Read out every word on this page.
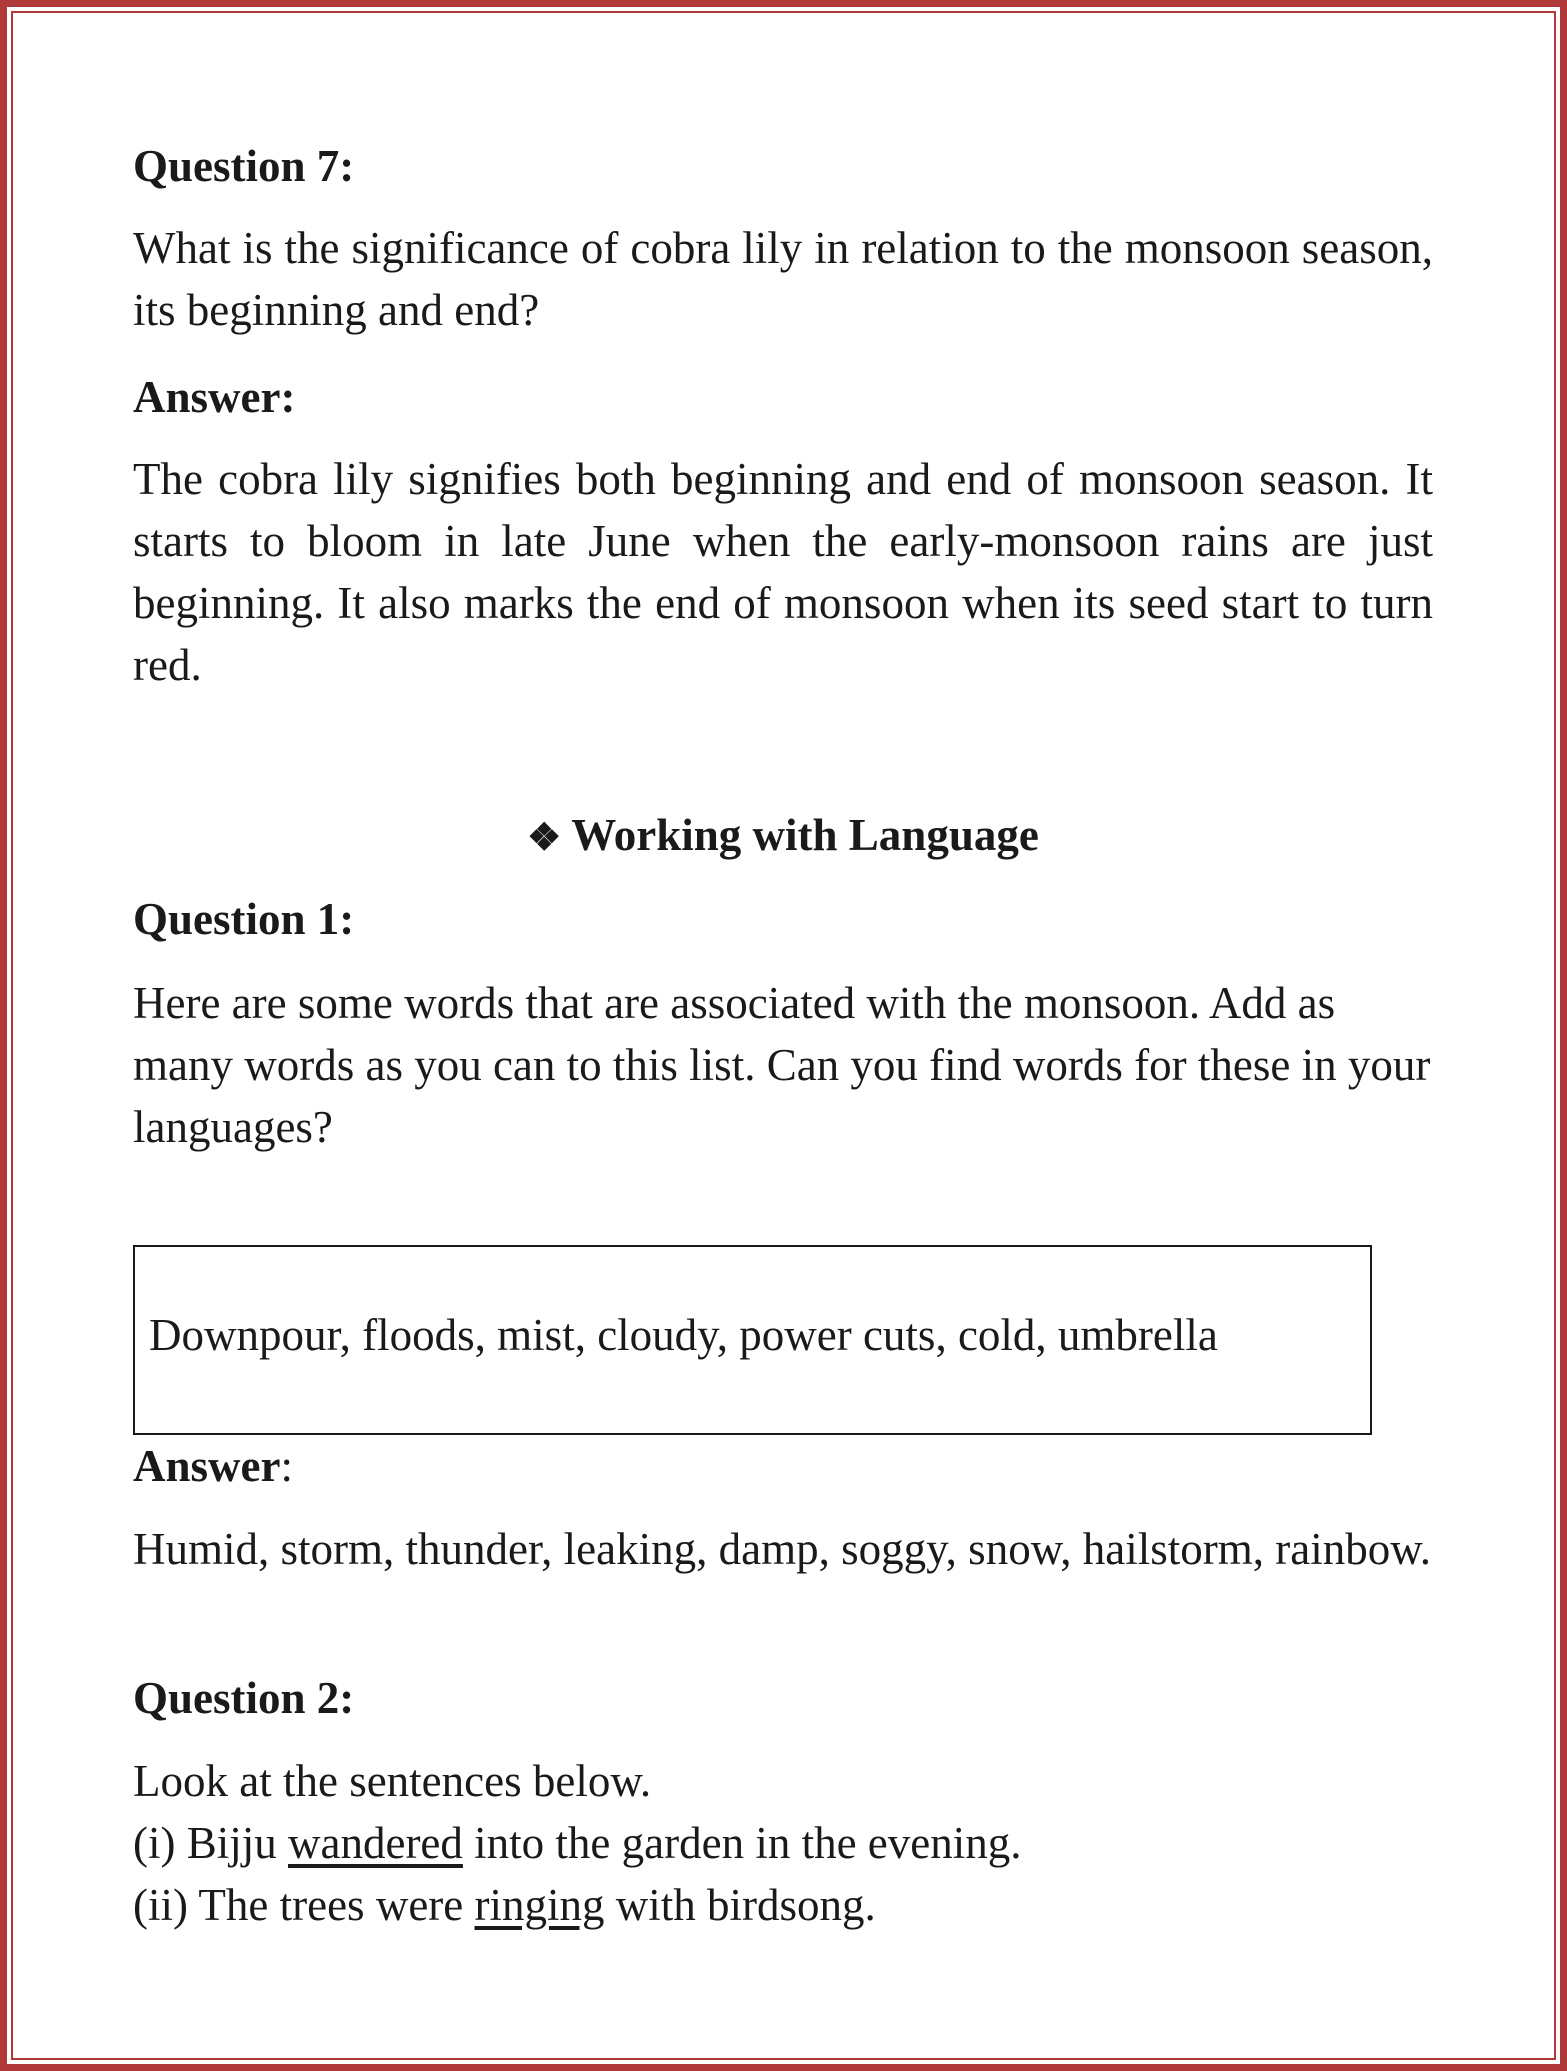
Question 7:
What is the significance of cobra lily in relation to the monsoon season, its beginning and end?
Answer:
The cobra lily signifies both beginning and end of monsoon season. It starts to bloom in late June when the early-monsoon rains are just beginning. It also marks the end of monsoon when its seed start to turn red.
❖ Working with Language
Question 1:
Here are some words that are associated with the monsoon. Add as many words as you can to this list. Can you find words for these in your languages?
Downpour, floods, mist, cloudy, power cuts, cold, umbrella
Answer:
Humid, storm, thunder, leaking, damp, soggy, snow, hailstorm, rainbow.
Question 2:
Look at the sentences below.
(i) Bijju wandered into the garden in the evening.
(ii) The trees were ringing with birdsong.
